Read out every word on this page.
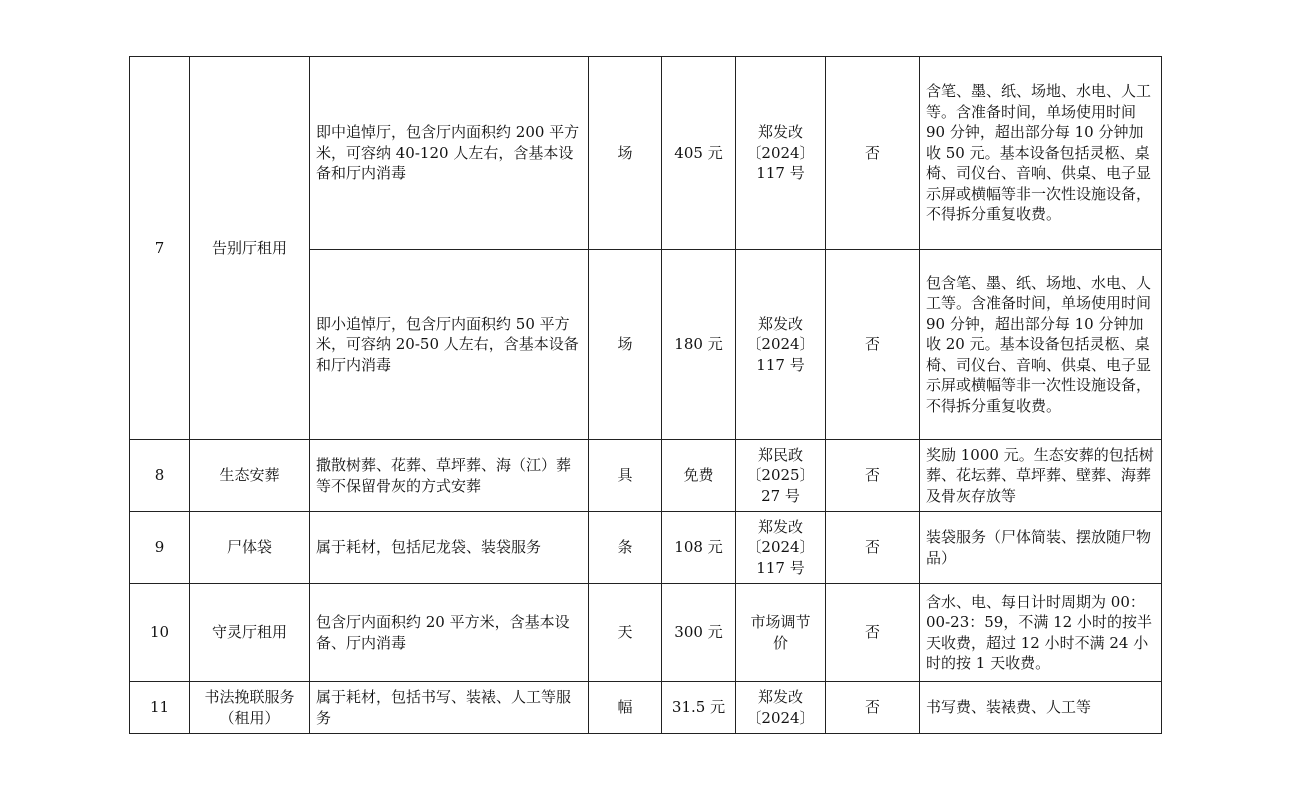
7	告别厅租用	即中追悼厅，包含厅内面积约 200 平方米，可容纳 40-120 人左右，含基本设备和厅内消毒	场	405 元	郑发改
〔2024〕
117 号	否	含笔、墨、纸、场地、水电、人工等。含准备时间，单场使用时间 90 分钟，超出部分每 10 分钟加收 50 元。基本设备包括灵柩、桌椅、司仪台、音响、供桌、电子显示屏或横幅等非一次性设施设备，不得拆分重复收费。
		即小追悼厅，包含厅内面积约 50 平方米，可容纳 20-50 人左右，含基本设备和厅内消毒	场	180 元	郑发改
〔2024〕
117 号	否	包含笔、墨、纸、场地、水电、人工等。含准备时间，单场使用时间 90 分钟，超出部分每 10 分钟加收 20 元。基本设备包括灵柩、桌椅、司仪台、音响、供桌、电子显示屏或横幅等非一次性设施设备，不得拆分重复收费。
8	生态安葬	撒散树葬、花葬、草坪葬、海（江）葬等不保留骨灰的方式安葬	具	免费	郑民政
〔2025〕
27 号	否	奖励 1000 元。生态安葬的包括树葬、花坛葬、草坪葬、壁葬、海葬及骨灰存放等
9	尸体袋	属于耗材，包括尼龙袋、装袋服务	条	108 元	郑发改
〔2024〕
117 号	否	装袋服务（尸体简装、摆放随尸物品）
10	守灵厅租用	包含厅内面积约 20 平方米，含基本设备、厅内消毒	天	300 元	市场调节
价	否	含水、电、每日计时周期为 00：00-23：59，不满 12 小时的按半天收费，超过 12 小时不满 24 小时的按 1 天收费。
11	书法挽联服务（租用）	属于耗材，包括书写、装裱、人工等服务	幅	31.5 元	郑发改
〔2024〕	否	书写费、装裱费、人工等
